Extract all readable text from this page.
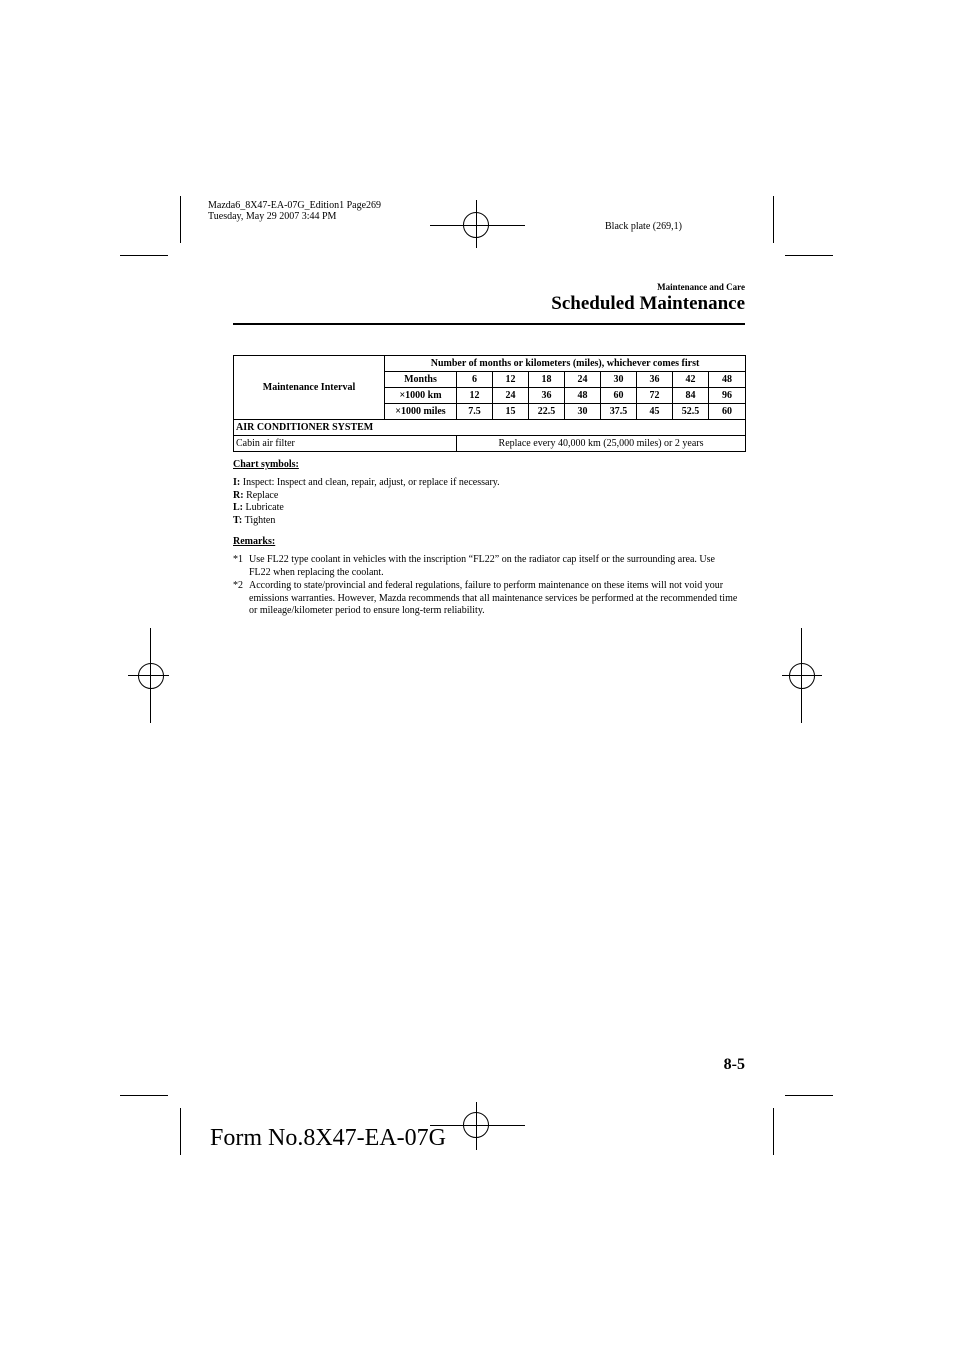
Mazda6_8X47-EA-07G_Edition1 Page269
Tuesday, May 29 2007 3:44 PM
Black plate (269,1)
Maintenance and Care
Scheduled Maintenance
Maintenance Interval	Number of months or kilometers (miles), whichever comes first								
	Months	6	12	18	24	30	36	42	48
	×1000 km	12	24	36	48	60	72	84	96
	×1000 miles	7.5	15	22.5	30	37.5	45	52.5	60
AIR CONDITIONER SYSTEM									
Cabin air filter		Replace every 40,000 km (25,000 miles) or 2 years							
Chart symbols:
I: Inspect: Inspect and clean, repair, adjust, or replace if necessary.
R: Replace
L: Lubricate
T: Tighten
Remarks:
*1 Use FL22 type coolant in vehicles with the inscription “FL22” on the radiator cap itself or the surrounding area. Use FL22 when replacing the coolant.
*2 According to state/provincial and federal regulations, failure to perform maintenance on these items will not void your emissions warranties. However, Mazda recommends that all maintenance services be performed at the recommended time or mileage/kilometer period to ensure long-term reliability.
8-5
Form No.8X47-EA-07G
